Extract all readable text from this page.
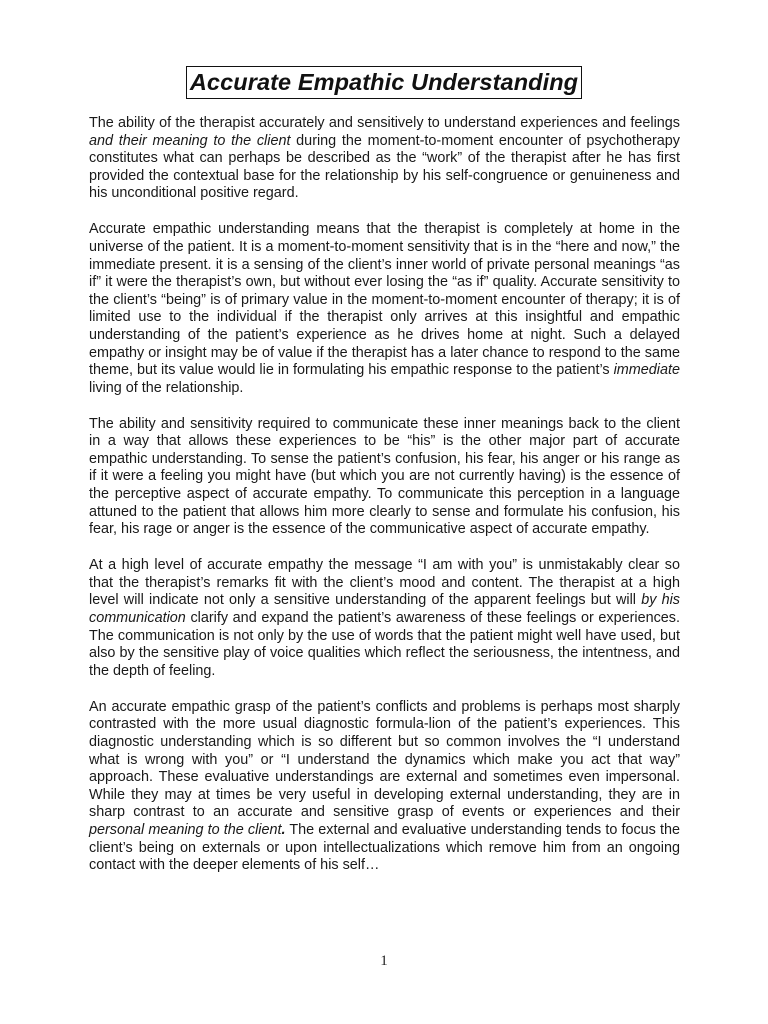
Accurate Empathic Understanding

The ability of the therapist accurately and sensitively to understand experiences and feelings and their meaning to the client during the moment-to-moment encounter of psychotherapy constitutes what can perhaps be described as the “work” of the therapist after he has first provided the contextual base for the relationship by his self-congruence or genuineness and his unconditional positive regard.

Accurate empathic understanding means that the therapist is completely at home in the universe of the patient. It is a moment-to-moment sensitivity that is in the “here and now,” the immediate present. it is a sensing of the client’s inner world of private personal meanings “as if” it were the therapist’s own, but without ever losing the “as if” quality. Accurate sensitivity to the client’s “being” is of primary value in the moment-to-moment encounter of therapy; it is of limited use to the individual if the therapist only arrives at this insightful and empathic understanding of the patient’s experience as he drives home at night. Such a delayed empathy or insight may be of value if the therapist has a later chance to respond to the same theme, but its value would lie in formulating his empathic response to the patient’s immediate living of the relationship.

The ability and sensitivity required to communicate these inner meanings back to the client in a way that allows these experiences to be “his” is the other major part of accurate empathic understanding. To sense the patient’s confusion, his fear, his anger or his range as if it were a feeling you might have (but which you are not currently having) is the essence of the perceptive aspect of accurate empathy. To communicate this perception in a language attuned to the patient that allows him more clearly to sense and formulate his confusion, his fear, his rage or anger is the essence of the communicative aspect of accurate empathy.

At a high level of accurate empathy the message “I am with you” is unmistakably clear so that the therapist’s remarks fit with the client’s mood and content. The therapist at a high level will indicate not only a sensitive understanding of the apparent feelings but will by his communication clarify and expand the patient’s awareness of these feelings or experiences. The communication is not only by the use of words that the patient might well have used, but also by the sensitive play of voice qualities which reflect the seriousness, the intentness, and the depth of feeling.

An accurate empathic grasp of the patient’s conflicts and problems is perhaps most sharply contrasted with the more usual diagnostic formula-lion of the patient’s experiences. This diagnostic understanding which is so different but so common involves the “I understand what is wrong with you” or “I understand the dynamics which make you act that way” approach. These evaluative understandings are external and sometimes even impersonal. While they may at times be very useful in developing external understanding, they are in sharp contrast to an accurate and sensitive grasp of events or experiences and their personal meaning to the client. The external and evaluative understanding tends to focus the client’s being on externals or upon intellectualizations which remove him from an ongoing contact with the deeper elements of his self…

1
